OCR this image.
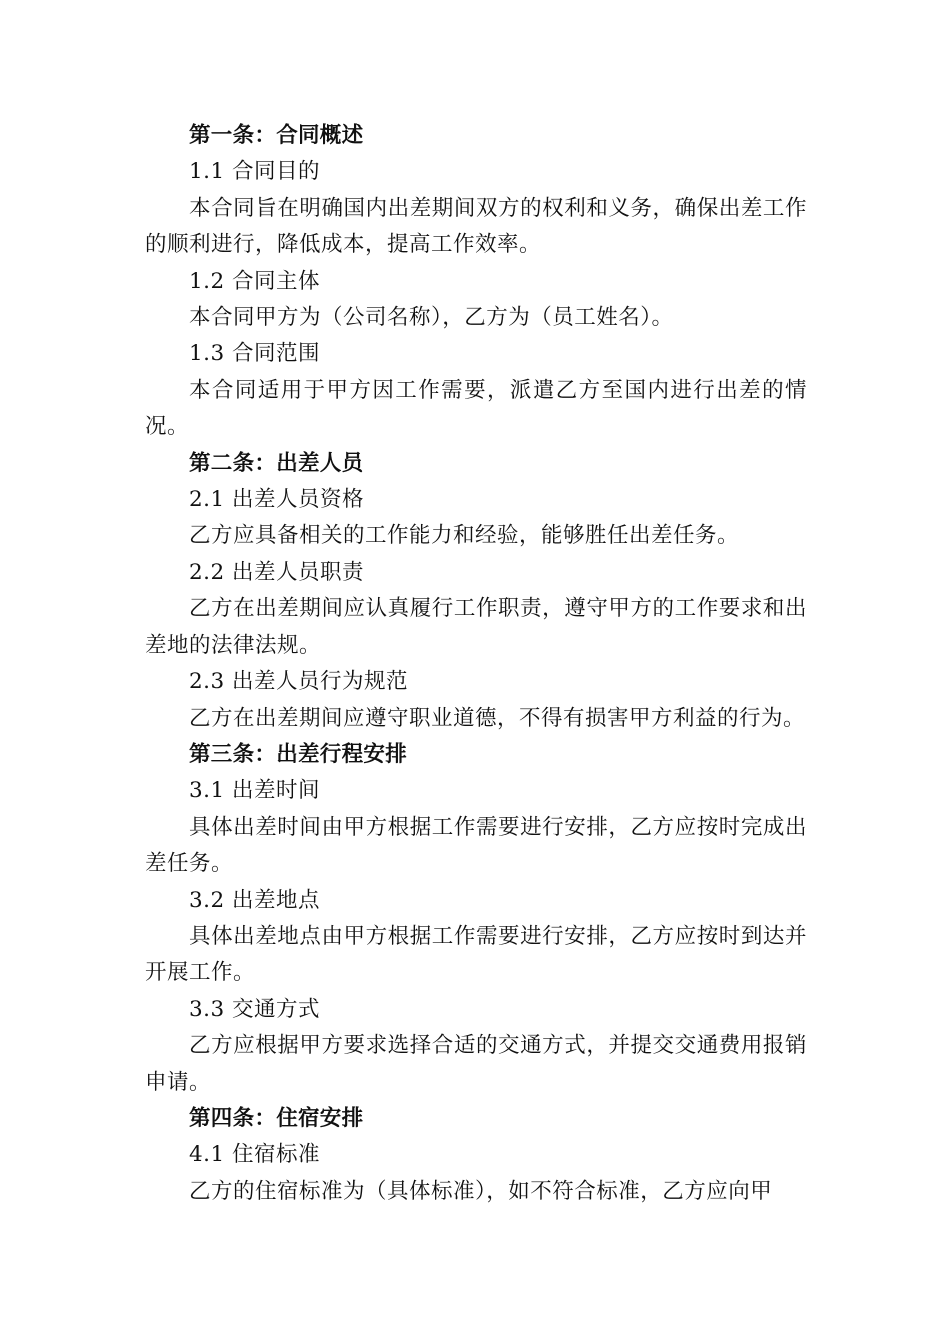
第一条：合同概述

1.1 合同目的

本合同旨在明确国内出差期间双方的权利和义务，确保出差工作的顺利进行，降低成本，提高工作效率。

1.2 合同主体

本合同甲方为（公司名称），乙方为（员工姓名）。

1.3 合同范围

本合同适用于甲方因工作需要，派遣乙方至国内进行出差的情况。

第二条：出差人员

2.1 出差人员资格

乙方应具备相关的工作能力和经验，能够胜任出差任务。

2.2 出差人员职责

乙方在出差期间应认真履行工作职责，遵守甲方的工作要求和出差地的法律法规。

2.3 出差人员行为规范

乙方在出差期间应遵守职业道德，不得有损害甲方利益的行为。

第三条：出差行程安排

3.1 出差时间

具体出差时间由甲方根据工作需要进行安排，乙方应按时完成出差任务。

3.2 出差地点

具体出差地点由甲方根据工作需要进行安排，乙方应按时到达并开展工作。

3.3 交通方式

乙方应根据甲方要求选择合适的交通方式，并提交交通费用报销申请。

第四条：住宿安排

4.1 住宿标准

乙方的住宿标准为（具体标准），如不符合标准，乙方应向甲
